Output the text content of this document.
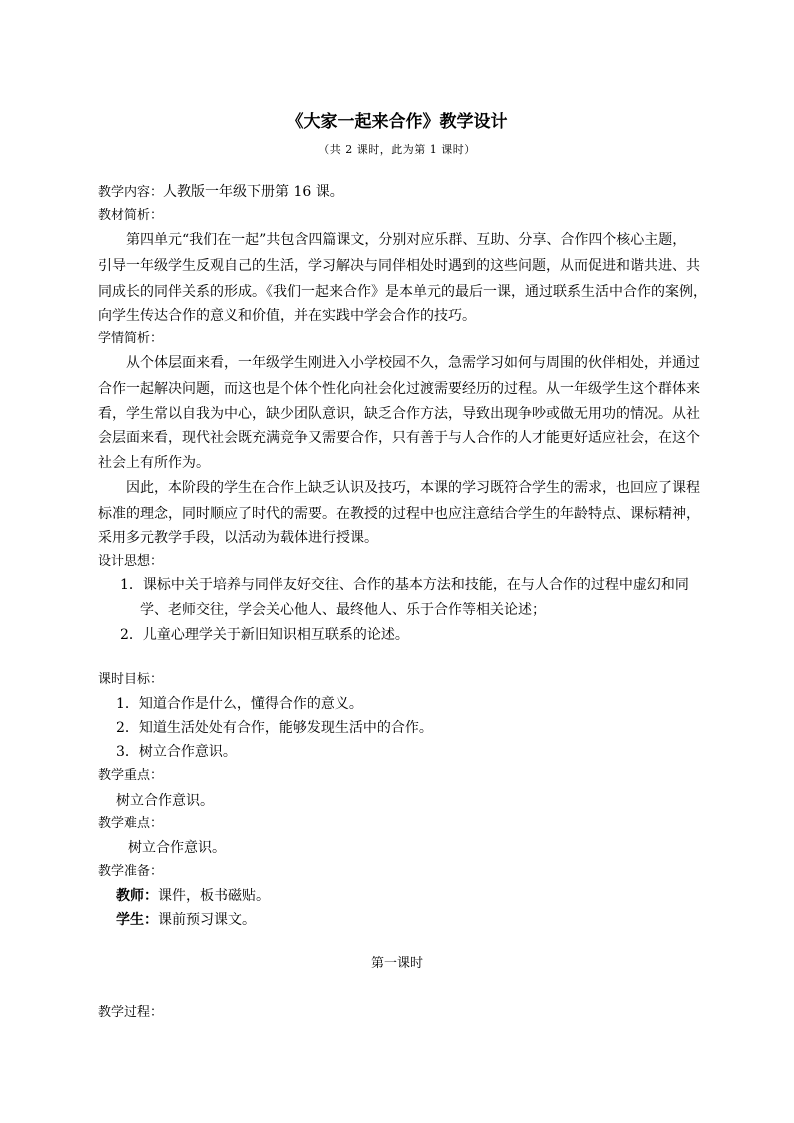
《大家一起来合作》教学设计
（共 2 课时，此为第 1 课时）
教学内容：人教版一年级下册第 16 课。
教材简析：
第四单元“我们在一起”共包含四篇课文，分别对应乐群、互助、分享、合作四个核心主题，
引导一年级学生反观自己的生活，学习解决与同伴相处时遇到的这些问题，从而促进和谐共进、共
同成长的同伴关系的形成。《我们一起来合作》是本单元的最后一课，通过联系生活中合作的案例，
向学生传达合作的意义和价值，并在实践中学会合作的技巧。
学情简析：
从个体层面来看，一年级学生刚进入小学校园不久，急需学习如何与周围的伙伴相处，并通过
合作一起解决问题，而这也是个体个性化向社会化过渡需要经历的过程。从一年级学生这个群体来
看，学生常以自我为中心，缺少团队意识，缺乏合作方法，导致出现争吵或做无用功的情况。从社
会层面来看，现代社会既充满竞争又需要合作，只有善于与人合作的人才能更好适应社会，在这个
社会上有所作为。
因此，本阶段的学生在合作上缺乏认识及技巧，本课的学习既符合学生的需求，也回应了课程
标准的理念，同时顺应了时代的需要。在教授的过程中也应注意结合学生的年龄特点、课标精神，
采用多元教学手段，以活动为载体进行授课。
设计思想：
1．课标中关于培养与同伴友好交往、合作的基本方法和技能，在与人合作的过程中虚幻和同
学、老师交往，学会关心他人、最终他人、乐于合作等相关论述；
2．儿童心理学关于新旧知识相互联系的论述。
课时目标：
1．知道合作是什么，懂得合作的意义。
2．知道生活处处有合作，能够发现生活中的合作。
3．树立合作意识。
教学重点：
树立合作意识。
教学难点：
树立合作意识。
教学准备：
教师：课件，板书磁贴。
学生：课前预习课文。
第一课时
教学过程：
